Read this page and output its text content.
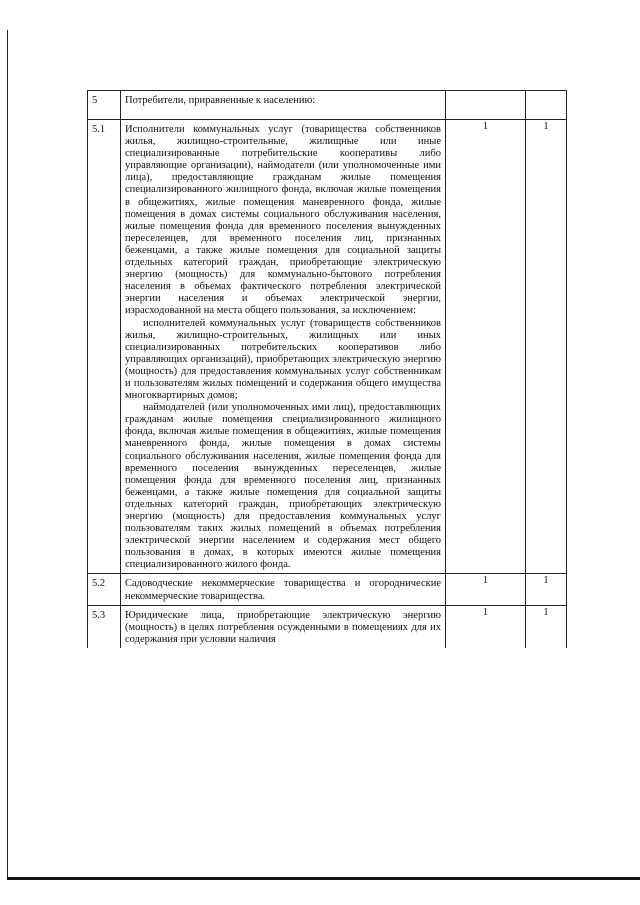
5	Потребители, приравненные к населению:		

5.1	Исполнители коммунальных услуг (товарищества собственников жилья, жилищно-строительные, жилищные или иные специализированные потребительские кооперативы либо управляющие организации), наймодатели (или уполномоченные ими лица), предоставляющие гражданам жилые помещения специализированного жилищного фонда, включая жилые помещения в общежитиях, жилые помещения маневренного фонда, жилые помещения в домах системы социального обслуживания населения, жилые помещения фонда для временного поселения вынужденных переселенцев, для временного поселения лиц, признанных беженцами, а также жилые помещения для социальной защиты отдельных категорий граждан, приобретающие электрическую энергию (мощность) для коммунально-бытового потребления населения в объемах фактического потребления электрической энергии населения и объемах электрической энергии, израсходованной на места общего пользования, за исключением:

исполнителей коммунальных услуг (товариществ собственников жилья, жилищно-строительных, жилищных или иных специализированных потребительских кооперативов либо управляющих организаций), приобретающих электрическую энергию (мощность) для предоставления коммунальных услуг собственникам и пользователям жилых помещений и содержания общего имущества многоквартирных домов;

наймодателей (или уполномоченных ими лиц), предоставляющих гражданам жилые помещения специализированного жилищного фонда, включая жилые помещения в общежитиях, жилые помещения маневренного фонда, жилые помещения в домах системы социального обслуживания населения, жилые помещения фонда для временного поселения вынужденных переселенцев, жилые помещения фонда для временного поселения лиц, признанных беженцами, а также жилые помещения для социальной защиты отдельных категорий граждан, приобретающих электрическую энергию (мощность) для предоставления коммунальных услуг пользователям таких жилых помещений в объемах потребления электрической энергии населением и содержания мест общего пользования в домах, в которых имеются жилые помещения специализированного жилого фонда.	1	1
5.2	Садоводческие некоммерческие товарищества и огороднические некоммерческие товарищества.	1	1
5.3	Юридические лица, приобретающие электрическую энергию (мощность) в целях потребления осужденными в помещениях для их содержания при условии наличия	1	1
